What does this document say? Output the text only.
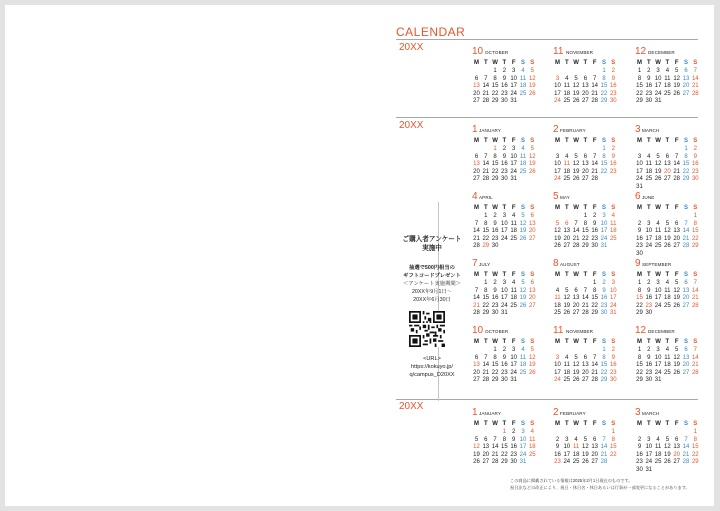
CALENDAR
20XX
20XX
20XX
10 OCTOBER
M T W T F S S
1 2 3 4 5
6 7 8 9 10 11 12
13 14 15 16 17 18 19
20 21 22 23 24 25 26
27 28 29 30 31
11 NOVEMBER
M T W T F S S
1 2
3 4 5 6 7 8 9
10 11 12 13 14 15 16
17 18 19 20 21 22 23
24 25 26 27 28 29 30
12 DECEMBER
M T W T F S S
1 2 3 4 5 6 7
8 9 10 11 12 13 14
15 16 17 18 19 20 21
22 23 24 25 26 27 28
29 30 31
1 JANUARY
M T W T F S S
1 2 3 4 5
6 7 8 9 10 11 12
13 14 15 16 17 18 19
20 21 22 23 24 25 26
27 28 29 30 31
2 FEBRUARY
M T W T F S S
1 2
3 4 5 6 7 8 9
10 11 12 13 14 15 16
17 18 19 20 21 22 23
24 25 26 27 28
3 MARCH
M T W T F S S
1 2
3 4 5 6 7 8 9
10 11 12 13 14 15 16
17 18 19 20 21 22 23
24 25 26 27 28 29 30
31
4 APRIL
M T W T F S S
1 2 3 4 5 6
7 8 9 10 11 12 13
14 15 16 17 18 19 20
21 22 23 24 25 26 27
28 29 30
5 MAY
M T W T F S S
1 2 3 4
5 6 7 8 9 10 11
12 13 14 15 16 17 18
19 20 21 22 23 24 25
26 27 28 29 30 31
6 JUNE
M T W T F S S
1
2 3 4 5 6 7 8
9 10 11 12 13 14 15
16 17 18 19 20 21 22
23 24 25 26 27 28 29
30
7 JULY
M T W T F S S
1 2 3 4 5 6
7 8 9 10 11 12 13
14 15 16 17 18 19 20
21 22 23 24 25 26 27
28 29 30 31
8 AUGUST
M T W T F S S
1 2 3
4 5 6 7 8 9 10
11 12 13 14 15 16 17
18 19 20 21 22 23 24
25 26 27 28 29 30 31
9 SEPTEMBER
M T W T F S S
1 2 3 4 5 6 7
8 9 10 11 12 13 14
15 16 17 18 19 20 21
22 23 24 25 26 27 28
29 30
10 OCTOBER
M T W T F S S
1 2 3 4 5
6 7 8 9 10 11 12
13 14 15 16 17 18 19
20 21 22 23 24 25 26
27 28 29 30 31
11 NOVEMBER
M T W T F S S
1 2
3 4 5 6 7 8 9
10 11 12 13 14 15 16
17 18 19 20 21 22 23
24 25 26 27 28 29 30
12 DECEMBER
M T W T F S S
1 2 3 4 5 6 7
8 9 10 11 12 13 14
15 16 17 18 19 20 21
22 23 24 25 26 27 28
29 30 31
1 JANUARY
M T W T F S S
1 2 3 4
5 6 7 8 9 10 11
12 13 14 15 16 17 18
19 20 21 22 23 24 25
26 27 28 29 30 31
2 FEBRUARY
M T W T F S S
1
2 3 4 5 6 7 8
9 10 11 12 13 14 15
16 17 18 19 20 21 22
23 24 25 26 27 28
3 MARCH
M T W T F S S
1
2 3 4 5 6 7 8
9 10 11 12 13 14 15
16 17 18 19 20 21 22
23 24 25 26 27 28 29
30 31
ご購入者アンケート
実施中
抽選で500円相当の
ギフトコードプレゼント
＜アンケート実施期間＞
20XX年9月1日〜
20XX年6月30日
<URL>
https://kokuyo.jp/
q/campus_D20XX
この商品に掲載されている情報は2025年2月1日現在のものです。
祝日法などの改正により、祝日・休日名・休日あるいは行事が一部変更になることがあります。
